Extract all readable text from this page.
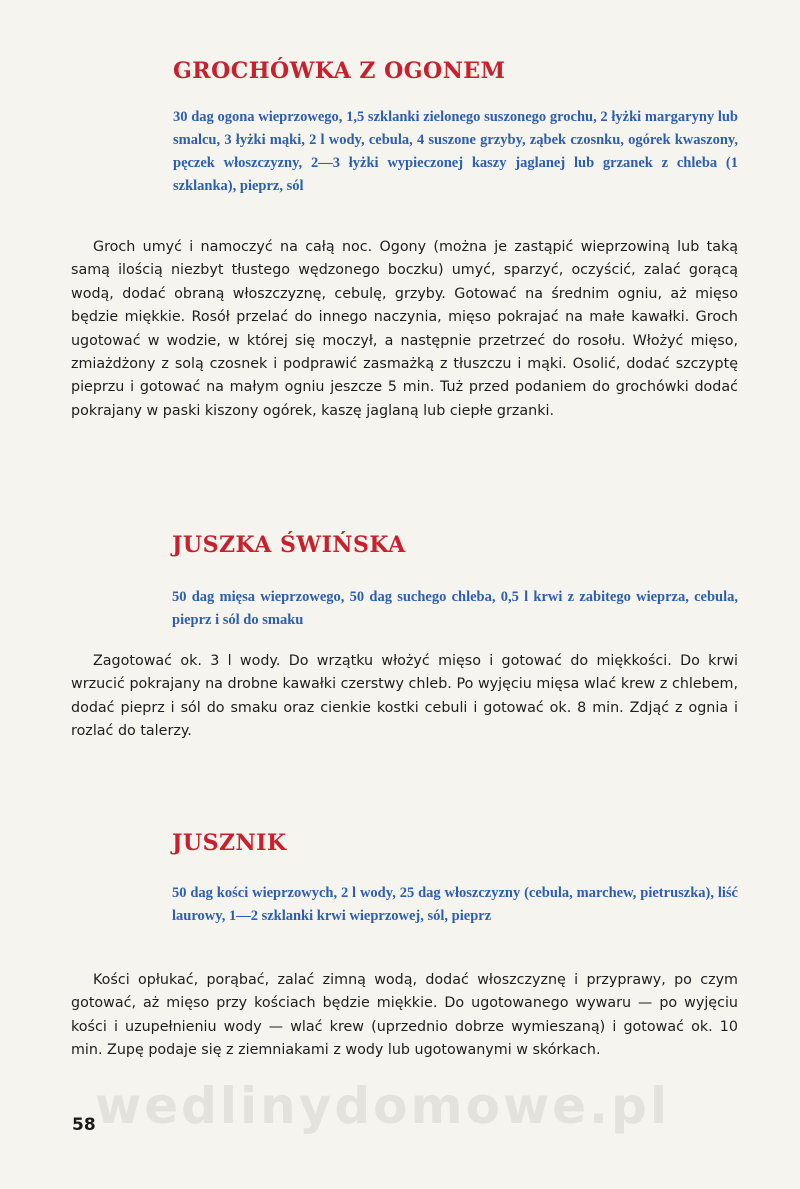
GROCHÓWKA Z OGONEM

30 dag ogona wieprzowego, 1,5 szklanki zielonego suszonego grochu, 2 łyżki margaryny lub smalcu, 3 łyżki mąki, 2 l wody, cebula, 4 suszone grzyby, ząbek czosnku, ogórek kwaszony, pęczek włoszczyzny, 2—3 łyżki wypieczonej kaszy jaglanej lub grzanek z chleba (1 szklanka), pieprz, sól

Groch umyć i namoczyć na całą noc. Ogony (można je zastąpić wieprzowiną lub taką samą ilością niezbyt tłustego wędzonego boczku) umyć, sparzyć, oczyścić, zalać gorącą wodą, dodać obraną włoszczyznę, cebulę, grzyby. Gotować na średnim ogniu, aż mięso będzie miękkie. Rosół przelać do innego naczynia, mięso pokrajać na małe kawałki. Groch ugotować w wodzie, w której się moczył, a następnie przetrzeć do rosołu. Włożyć mięso, zmiażdżony z solą czosnek i podprawić zasmażką z tłuszczu i mąki. Osolić, dodać szczyptę pieprzu i gotować na małym ogniu jeszcze 5 min. Tuż przed podaniem do grochówki dodać pokrajany w paski kiszony ogórek, kaszę jaglaną lub ciepłe grzanki.

JUSZKA ŚWIŃSKA

50 dag mięsa wieprzowego, 50 dag suchego chleba, 0,5 l krwi z zabitego wieprza, cebula, pieprz i sól do smaku

Zagotować ok. 3 l wody. Do wrzątku włożyć mięso i gotować do miękkości. Do krwi wrzucić pokrajany na drobne kawałki czerstwy chleb. Po wyjęciu mięsa wlać krew z chlebem, dodać pieprz i sól do smaku oraz cienkie kostki cebuli i gotować ok. 8 min. Zdjąć z ognia i rozlać do talerzy.

JUSZNIK

50 dag kości wieprzowych, 2 l wody, 25 dag włoszczyzny (cebula, marchew, pietruszka), liść laurowy, 1—2 szklanki krwi wieprzowej, sól, pieprz

Kości opłukać, porąbać, zalać zimną wodą, dodać włoszczyznę i przyprawy, po czym gotować, aż mięso przy kościach będzie miękkie. Do ugotowanego wywaru — po wyjęciu kości i uzupełnieniu wody — wlać krew (uprzednio dobrze wymieszaną) i gotować ok. 10 min. Zupę podaje się z ziemniakami z wody lub ugotowanymi w skórkach.

wedlinydomowe.pl
58
